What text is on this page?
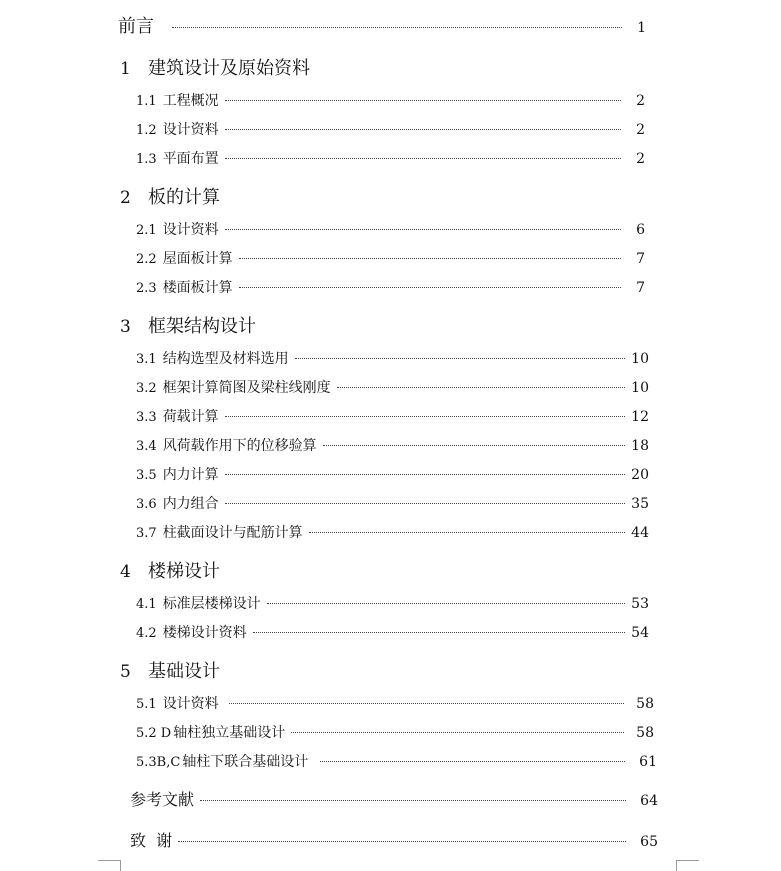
前言	1
1 建筑设计及原始资料
1.1 工程概况	2
1.2 设计资料	2
1.3 平面布置	2
2 板的计算
2.1 设计资料	6
2.2 屋面板计算	7
2.3 楼面板计算	7
3 框架结构设计
3.1 结构选型及材料选用	10
3.2 框架计算简图及梁柱线刚度	10
3.3 荷载计算	12
3.4 风荷载作用下的位移验算	18
3.5 内力计算	20
3.6 内力组合	35
3.7 柱截面设计与配筋计算	44
4 楼梯设计
4.1 标准层楼梯设计	53
4.2 楼梯设计资料	54
5 基础设计
5.1 设计资料	58
5.2 D 轴柱独立基础设计	58
5.3B,C 轴柱下联合基础设计	61
参考文献	64
致  谢	65
